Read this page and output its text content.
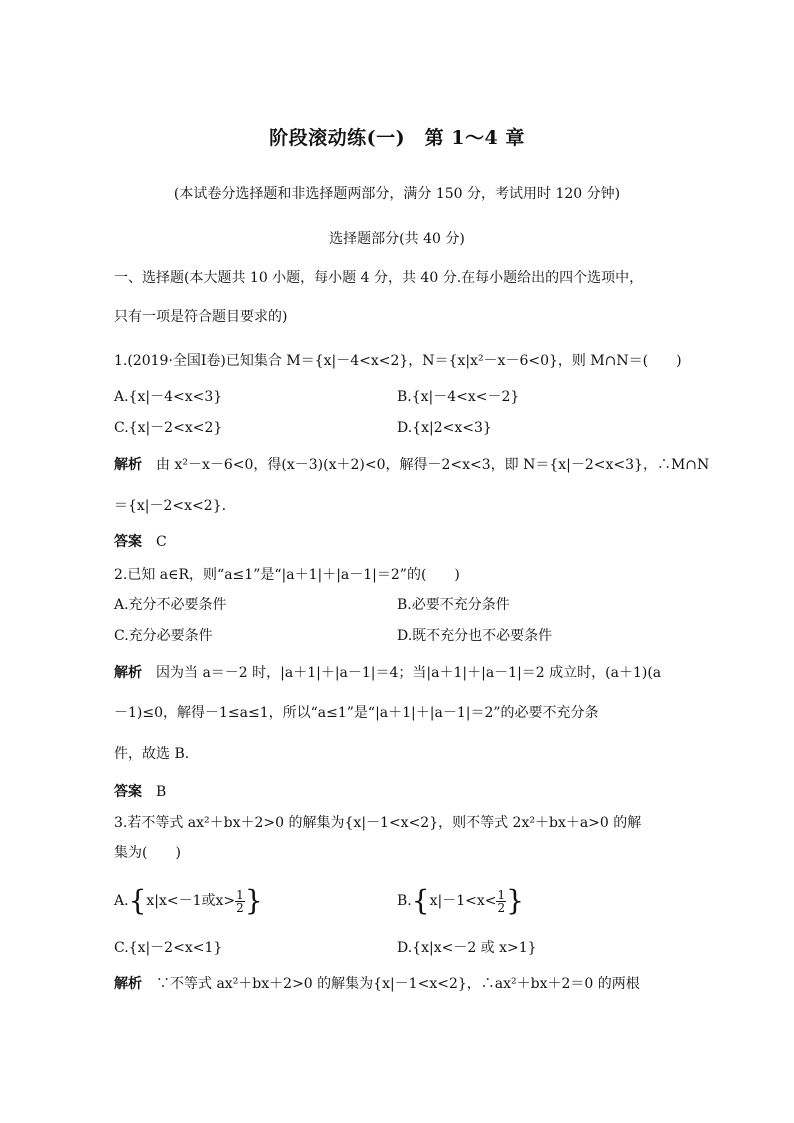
阶段滚动练(一)　第 1～4 章
(本试卷分选择题和非选择题两部分，满分 150 分，考试用时 120 分钟)
选择题部分(共 40 分)
一、选择题(本大题共 10 小题，每小题 4 分，共 40 分.在每小题给出的四个选项中，
只有一项是符合题目要求的)
1.(2019·全国Ⅰ卷)已知集合 M＝{x|－4<x<2}，N＝{x|x²－x－6<0}，则 M∩N＝(　　)
A.{x|－4<x<3}	B.{x|－4<x<－2}
C.{x|－2<x<2}	D.{x|2<x<3}
解析 由 x²－x－6<0，得(x－3)(x＋2)<0，解得－2<x<3，即 N＝{x|－2<x<3}，∴M∩N
＝{x|－2<x<2}.
答案 C
2.已知 a∈R，则“a≤1”是“|a＋1|＋|a－1|＝2”的(　　)
A.充分不必要条件	B.必要不充分条件
C.充分必要条件	D.既不充分也不必要条件
解析 因为当 a＝－2 时，|a＋1|＋|a－1|＝4；当|a＋1|＋|a－1|＝2 成立时，(a＋1)(a
－1)≤0，解得－1≤a≤1，所以“a≤1”是“|a＋1|＋|a－1|＝2”的必要不充分条
件，故选 B.
答案 B
3.若不等式 ax²＋bx＋2>0 的解集为{x|－1<x<2}，则不等式 2x²＋bx＋a>0 的解
集为(　　)
A.{x|x<－1或$x> \frac{1}{2}$ }	$B.\{x|-1<x< \frac{1}{2}$ }
C.{x|－2<x<1}	D.{x|x<－2 或 x>1}
解析 ∵不等式 ax²＋bx＋2>0 的解集为{x|－1<x<2}，∴ax²＋bx＋2＝0 的两根
